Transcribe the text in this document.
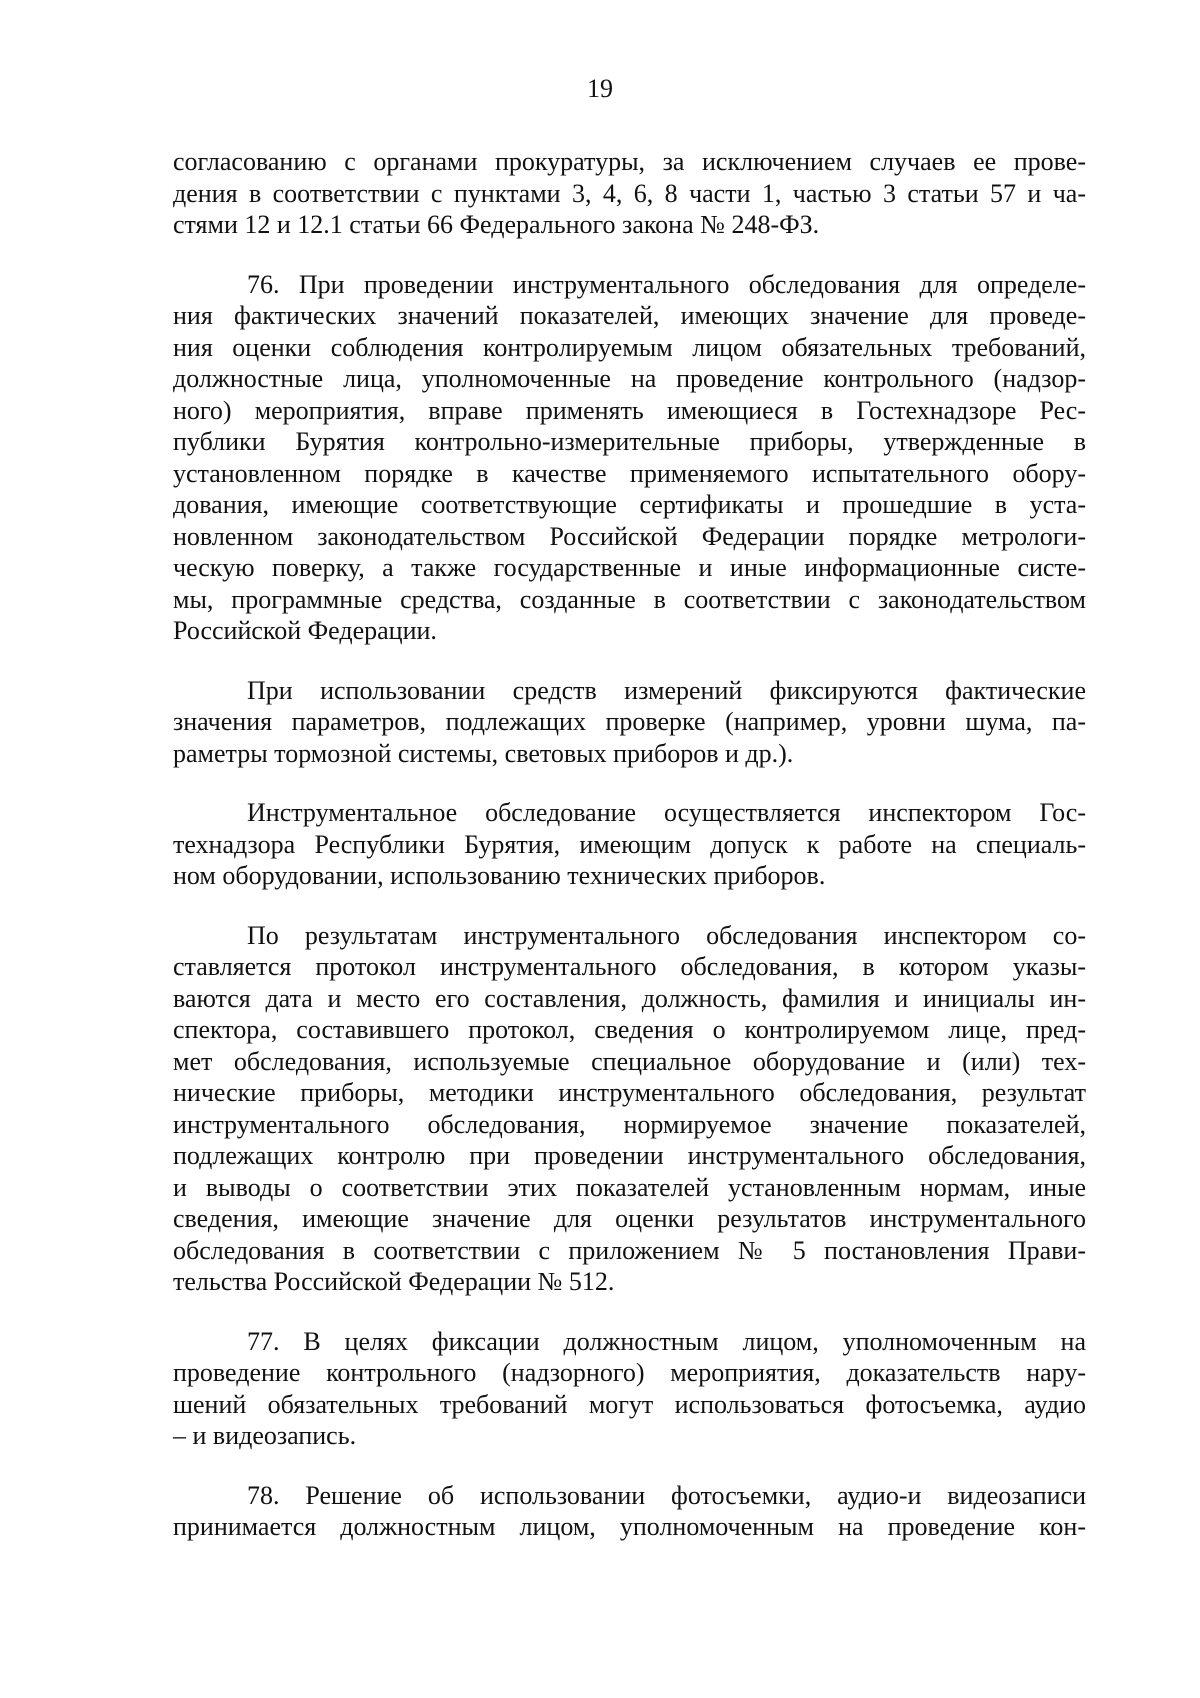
19

согласованию с органами прокуратуры, за исключением случаев ее прове-
дения в соответствии с пунктами 3, 4, 6, 8 части 1, частью 3 статьи 57 и ча-
стями 12 и 12.1 статьи 66 Федерального закона № 248-ФЗ.

76. При проведении инструментального обследования для определе-
ния фактических значений показателей, имеющих значение для проведе-
ния оценки соблюдения контролируемым лицом обязательных требований,
должностные лица, уполномоченные на проведение контрольного (надзор-
ного) мероприятия, вправе применять имеющиеся в Гостехнадзоре Рес-
публики Бурятия контрольно-измерительные приборы, утвержденные в
установленном порядке в качестве применяемого испытательного обору-
дования, имеющие соответствующие сертификаты и прошедшие в уста-
новленном законодательством Российской Федерации порядке метрологи-
ческую поверку, а также государственные и иные информационные систе-
мы, программные средства, созданные в соответствии с законодательством
Российской Федерации.

При использовании средств измерений фиксируются фактические
значения параметров, подлежащих проверке (например, уровни шума, па-
раметры тормозной системы, световых приборов и др.).

Инструментальное обследование осуществляется инспектором Гос-
технадзора Республики Бурятия, имеющим допуск к работе на специаль-
ном оборудовании, использованию технических приборов.

По результатам инструментального обследования инспектором со-
ставляется протокол инструментального обследования, в котором указы-
ваются дата и место его составления, должность, фамилия и инициалы ин-
спектора, составившего протокол, сведения о контролируемом лице, пред-
мет обследования, используемые специальное оборудование и (или) тех-
нические приборы, методики инструментального обследования, результат
инструментального обследования, нормируемое значение показателей,
подлежащих контролю при проведении инструментального обследования,
и выводы о соответствии этих показателей установленным нормам, иные
сведения, имеющие значение для оценки результатов инструментального
обследования в соответствии с приложением № 5 постановления Прави-
тельства Российской Федерации № 512.

77. В целях фиксации должностным лицом, уполномоченным на
проведение контрольного (надзорного) мероприятия, доказательств нару-
шений обязательных требований могут использоваться фотосъемка, аудио
– и видеозапись.

78. Решение об использовании фотосъемки, аудио-и видеозаписи
принимается должностным лицом, уполномоченным на проведение кон-
